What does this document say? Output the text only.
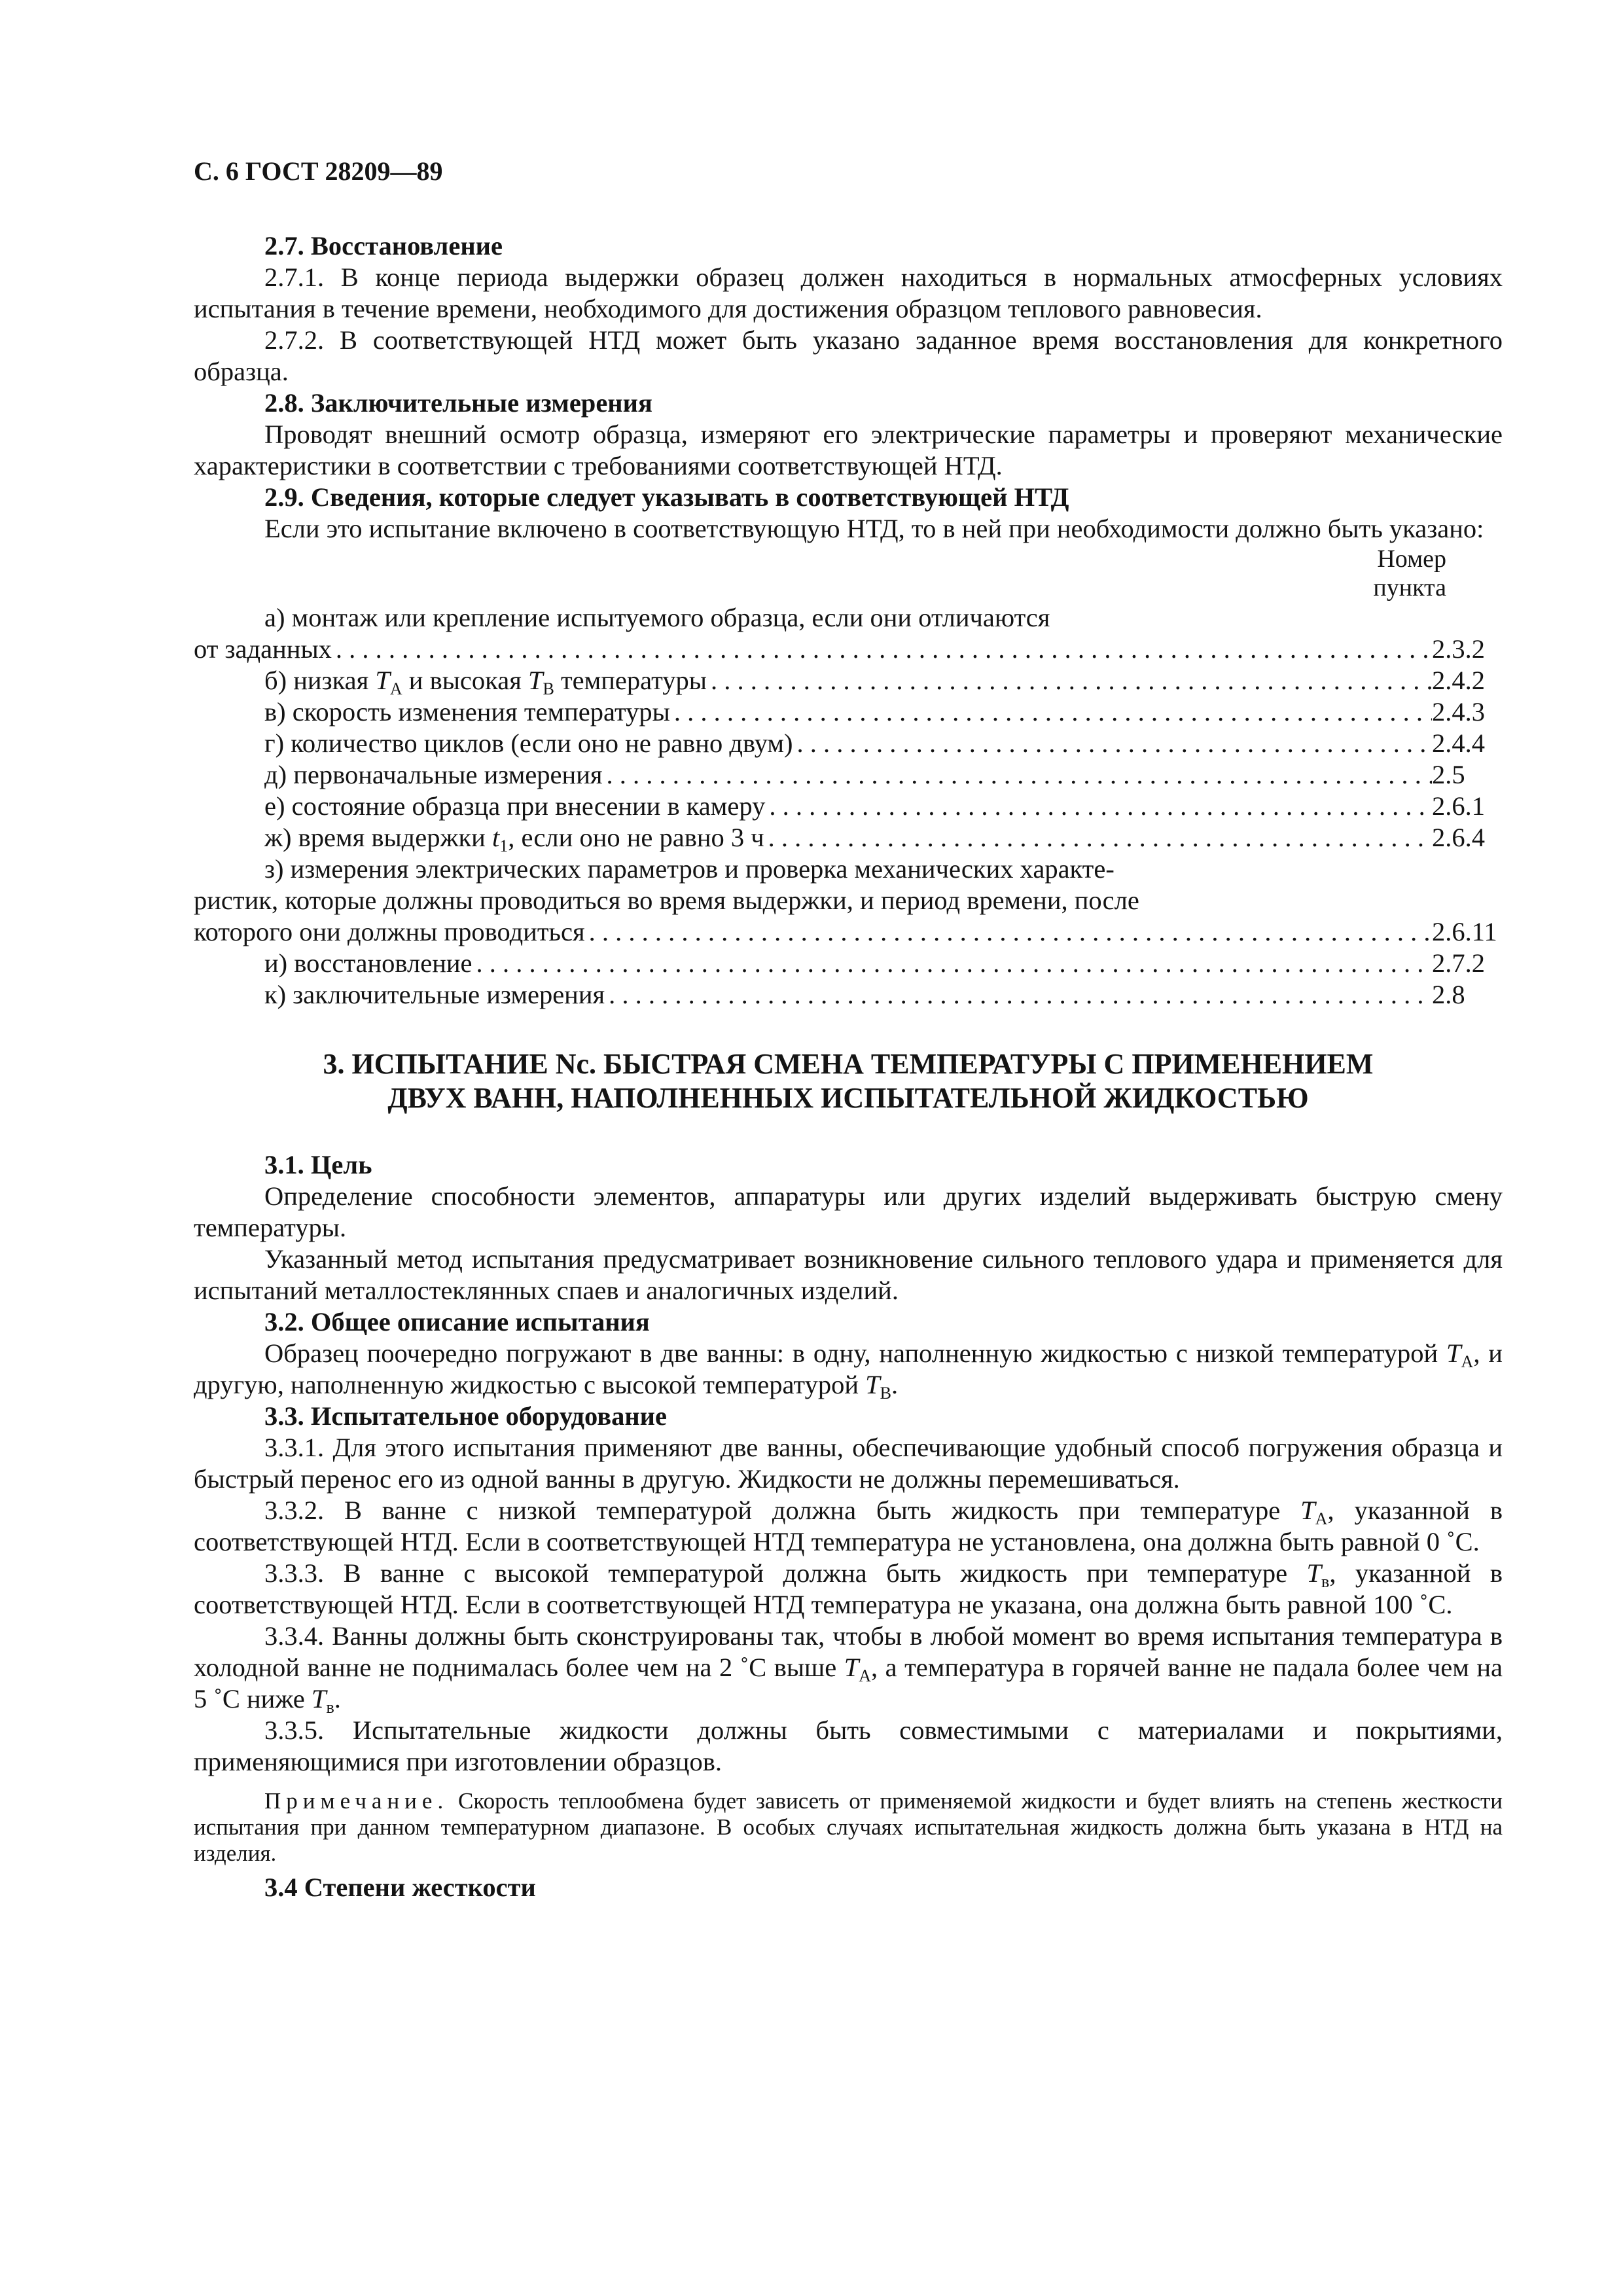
С. 6 ГОСТ 28209—89
2.7. Восстановление

2.7.1. В конце периода выдержки образец должен находиться в нормальных атмосферных условиях испытания в течение времени, необходимого для достижения образцом теплового равновесия.

2.7.2. В соответствующей НТД может быть указано заданное время восстановления для конкретного образца.

2.8. Заключительные измерения

Проводят внешний осмотр образца, измеряют его электрические параметры и проверяют механические характеристики в соответствии с требованиями соответствующей НТД.

2.9. Сведения, которые следует указывать в соответствующей НТД

Если это испытание включено в соответствующую НТД, то в ней при необходимости должно быть указано:

Номер
пункта
а) монтаж или крепление испытуемого образца, если они отличаются
от заданных . . .	2.3.2
б) низкая $T_A$ и высокая $T_B$ температуры . . .	2.4.2
в) скорость изменения температуры . . .	2.4.3
г) количество циклов (если оно не равно двум) . . .	2.4.4
д) первоначальные измерения . . .	2.5
е) состояние образца при внесении в камеру . . .	2.6.1
ж) время выдержки $t_1$, если оно не равно 3 ч . . .	2.6.4
з) измерения электрических параметров и проверка механических характе-
ристик, которые должны проводиться во время выдержки, и период времени, после
которого они должны проводиться . . .	2.6.11
и) восстановление . . .	2.7.2
к) заключительные измерения . . .	2.8
3. ИСПЫТАНИЕ Nс. БЫСТРАЯ СМЕНА ТЕМПЕРАТУРЫ С ПРИМЕНЕНИЕМ
ДВУХ ВАНН, НАПОЛНЕННЫХ ИСПЫТАТЕЛЬНОЙ ЖИДКОСТЬЮ
3.1. Цель

Определение способности элементов, аппаратуры или других изделий выдерживать быструю смену температуры.

Указанный метод испытания предусматривает возникновение сильного теплового удара и применяется для испытаний металлостеклянных спаев и аналогичных изделий.

3.2. Общее описание испытания

Образец поочередно погружают в две ванны: в одну, наполненную жидкостью с низкой температурой $T_A$, и другую, наполненную жидкостью с высокой температурой $T_B$.

3.3. Испытательное оборудование

3.3.1. Для этого испытания применяют две ванны, обеспечивающие удобный способ погружения образца и быстрый перенос его из одной ванны в другую. Жидкости не должны перемешиваться.

3.3.2. В ванне с низкой температурой должна быть жидкость при температуре $T_A$, указанной в соответствующей НТД. Если в соответствующей НТД температура не установлена, она должна быть равной 0 ˚С.

3.3.3. В ванне с высокой температурой должна быть жидкость при температуре $T_в$, указанной в соответствующей НТД. Если в соответствующей НТД температура не указана, она должна быть равной 100 ˚С.

3.3.4. Ванны должны быть сконструированы так, чтобы в любой момент во время испытания температура в холодной ванне не поднималась более чем на 2 ˚С выше $T_A$, а температура в горячей ванне не падала более чем на 5 ˚С ниже $T_в$.

3.3.5. Испытательные жидкости должны быть совместимыми с материалами и покрытиями, применяющимися при изготовлении образцов.

Примечание. Скорость теплообмена будет зависеть от применяемой жидкости и будет влиять на степень жесткости испытания при данном температурном диапазоне. В особых случаях испытательная жидкость должна быть указана в НТД на изделия.
3.4 Степени жесткости
